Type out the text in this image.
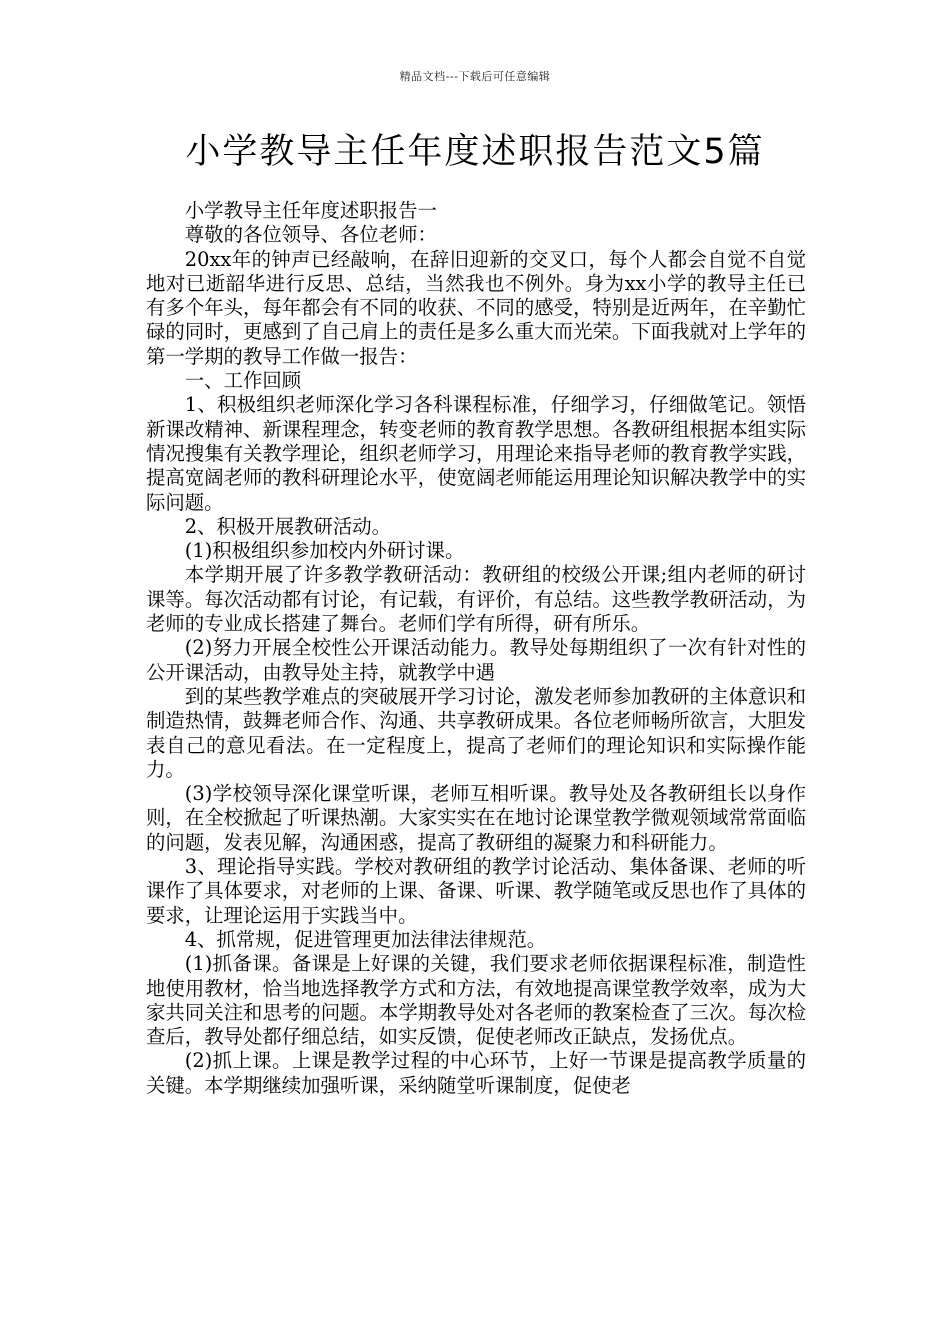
精品文档---下载后可任意编辑
小学教导主任年度述职报告范文5篇

小学教导主任年度述职报告一

尊敬的各位领导、各位老师：

20xx年的钟声已经敲响，在辞旧迎新的交叉口，每个人都会自觉不自觉地对已逝韶华进行反思、总结，当然我也不例外。身为xx小学的教导主任已有多个年头，每年都会有不同的收获、不同的感受，特别是近两年，在辛勤忙碌的同时，更感到了自己肩上的责任是多么重大而光荣。下面我就对上学年的第一学期的教导工作做一报告：

一、工作回顾

1、积极组织老师深化学习各科课程标准，仔细学习，仔细做笔记。领悟新课改精神、新课程理念，转变老师的教育教学思想。各教研组根据本组实际情况搜集有关教学理论，组织老师学习，用理论来指导老师的教育教学实践，提高宽阔老师的教科研理论水平，使宽阔老师能运用理论知识解决教学中的实际问题。

2、积极开展教研活动。

(1)积极组织参加校内外研讨课。

本学期开展了许多教学教研活动：教研组的校级公开课;组内老师的研讨课等。每次活动都有讨论，有记载，有评价，有总结。这些教学教研活动，为老师的专业成长搭建了舞台。老师们学有所得，研有所乐。

(2)努力开展全校性公开课活动能力。教导处每期组织了一次有针对性的公开课活动，由教导处主持，就教学中遇

到的某些教学难点的突破展开学习讨论，激发老师参加教研的主体意识和制造热情，鼓舞老师合作、沟通、共享教研成果。各位老师畅所欲言，大胆发表自己的意见看法。在一定程度上，提高了老师们的理论知识和实际操作能力。

(3)学校领导深化课堂听课，老师互相听课。教导处及各教研组长以身作则，在全校掀起了听课热潮。大家实实在在地讨论课堂教学微观领域常常面临的问题，发表见解，沟通困惑，提高了教研组的凝聚力和科研能力。

3、理论指导实践。学校对教研组的教学讨论活动、集体备课、老师的听课作了具体要求，对老师的上课、备课、听课、教学随笔或反思也作了具体的要求，让理论运用于实践当中。

4、抓常规，促进管理更加法律法律规范。

(1)抓备课。备课是上好课的关键，我们要求老师依据课程标准，制造性地使用教材，恰当地选择教学方式和方法，有效地提高课堂教学效率，成为大家共同关注和思考的问题。本学期教导处对各老师的教案检查了三次。每次检查后，教导处都仔细总结，如实反馈，促使老师改正缺点，发扬优点。

(2)抓上课。上课是教学过程的中心环节，上好一节课是提高教学质量的关键。本学期继续加强听课，采纳随堂听课制度，促使老
